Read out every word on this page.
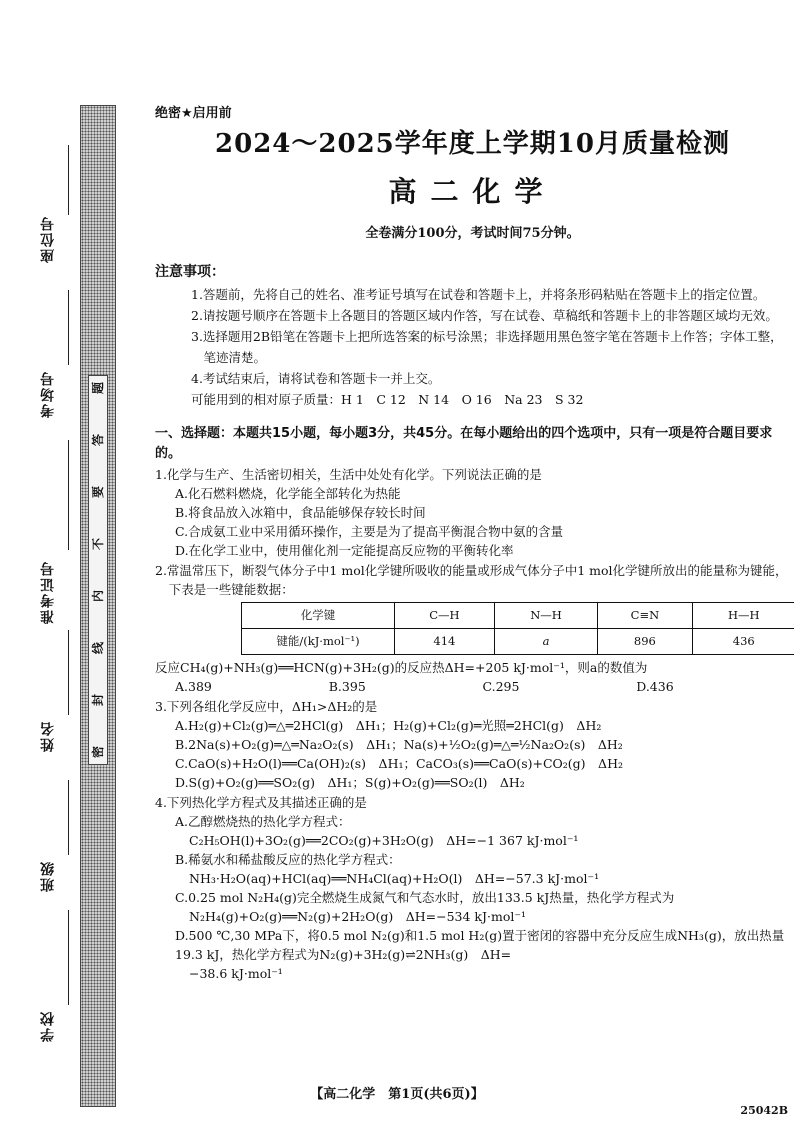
座位号
考场号
准考证号
姓名
班级
学校
题
答
要
不
内
线
封
密
绝密★启用前
2024～2025学年度上学期10月质量检测
高二化学
全卷满分100分，考试时间75分钟。
注意事项：
1.答题前，先将自己的姓名、准考证号填写在试卷和答题卡上，并将条形码粘贴在答题卡上的指定位置。
2.请按题号顺序在答题卡上各题目的答题区域内作答，写在试卷、草稿纸和答题卡上的非答题区域均无效。
3.选择题用2B铅笔在答题卡上把所选答案的标号涂黑；非选择题用黑色签字笔在答题卡上作答；字体工整，笔迹清楚。
4.考试结束后，请将试卷和答题卡一并上交。
可能用到的相对原子质量：H 1　C 12　N 14　O 16　Na 23　S 32
一、选择题：本题共15小题，每小题3分，共45分。在每小题给出的四个选项中，只有一项是符合题目要求的。
1.化学与生产、生活密切相关，生活中处处有化学。下列说法正确的是
A.化石燃料燃烧，化学能全部转化为热能
B.将食品放入冰箱中，食品能够保存较长时间
C.合成氨工业中采用循环操作，主要是为了提高平衡混合物中氨的含量
D.在化学工业中，使用催化剂一定能提高反应物的平衡转化率
2.常温常压下，断裂气体分子中1 mol化学键所吸收的能量或形成气体分子中1 mol化学键所放出的能量称为键能，下表是一些键能数据：
化学键	C—H	N—H	C≡N	H—H
键能/(kJ·mol⁻¹)	414	a	896	436
反应CH₄(g)+NH₃(g)══HCN(g)+3H₂(g)的反应热ΔH=+205 kJ·mol⁻¹，则a的数值为
A.389	B.395	C.295	D.436
3.下列各组化学反应中，ΔH₁>ΔH₂的是
A.H₂(g)+Cl₂(g)═△═2HCl(g)　ΔH₁；H₂(g)+Cl₂(g)═光照═2HCl(g)　ΔH₂
B.2Na(s)+O₂(g)═△═Na₂O₂(s)　ΔH₁；Na(s)+½O₂(g)═△═½Na₂O₂(s)　ΔH₂
C.CaO(s)+H₂O(l)══Ca(OH)₂(s)　ΔH₁；CaCO₃(s)══CaO(s)+CO₂(g)　ΔH₂
D.S(g)+O₂(g)══SO₂(g)　ΔH₁；S(g)+O₂(g)══SO₂(l)　ΔH₂
4.下列热化学方程式及其描述正确的是
A.乙醇燃烧热的热化学方程式：
C₂H₅OH(l)+3O₂(g)══2CO₂(g)+3H₂O(g)　ΔH=−1 367 kJ·mol⁻¹
B.稀氨水和稀盐酸反应的热化学方程式：
NH₃·H₂O(aq)+HCl(aq)══NH₄Cl(aq)+H₂O(l)　ΔH=−57.3 kJ·mol⁻¹
C.0.25 mol N₂H₄(g)完全燃烧生成氮气和气态水时，放出133.5 kJ热量，热化学方程式为
N₂H₄(g)+O₂(g)══N₂(g)+2H₂O(g)　ΔH=−534 kJ·mol⁻¹
D.500 ℃,30 MPa下，将0.5 mol N₂(g)和1.5 mol H₂(g)置于密闭的容器中充分反应生成NH₃(g)，放出热量19.3 kJ，热化学方程式为N₂(g)+3H₂(g)⇌2NH₃(g)　ΔH=
−38.6 kJ·mol⁻¹
【高二化学　第1页(共6页)】
25042B
